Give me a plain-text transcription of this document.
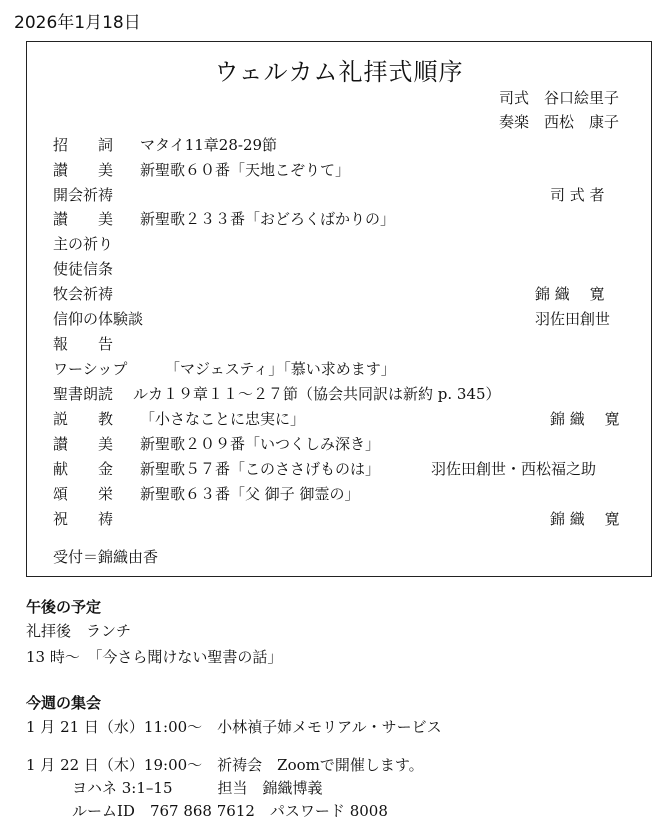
2026年1月18日
ウェルカム礼拝式順序
司式　 谷口絵里子
奏楽　 西松　康子
招　　詞 マタイ11章28-29節
讃　　美 新聖歌６０番「天地こぞりて」
開会祈祷	　司 式 者
讃　　美 新聖歌２３３番「おどろくばかりの」
主の祈り
使徒信条
牧会祈祷	錦 織　 寛
信仰の体験談	羽佐田創世
報　　告
ワーシップ	「マジェスティ」「慕い求めます」
聖書朗読 ルカ１９章１１～２７節（協会共同訳は新約 p. 345）
説　　教 「小さなことに忠実に」	　錦 織　 寛
讃　　美 新聖歌２０９番「いつくしみ深き」
献　　金 新聖歌５７番「このささげものは」	羽佐田創世・西松福之助
頌　　栄 新聖歌６３番「父 御子 御霊の」
祝　　祷	　錦 織　 寛
受付＝錦織由香
午後の予定
礼拝後　ランチ
13 時～　「今さら聞けない聖書の話」
今週の集会
1 月 21 日（水）11:00～　小林禎子姉メモリアル・サービス
1 月 22 日（木）19:00～　祈祷会　Zoomで開催します。
ヨハネ 3:1–15　　　担当　錦織博義
ルームID　767 868 7612　パスワード 8008
